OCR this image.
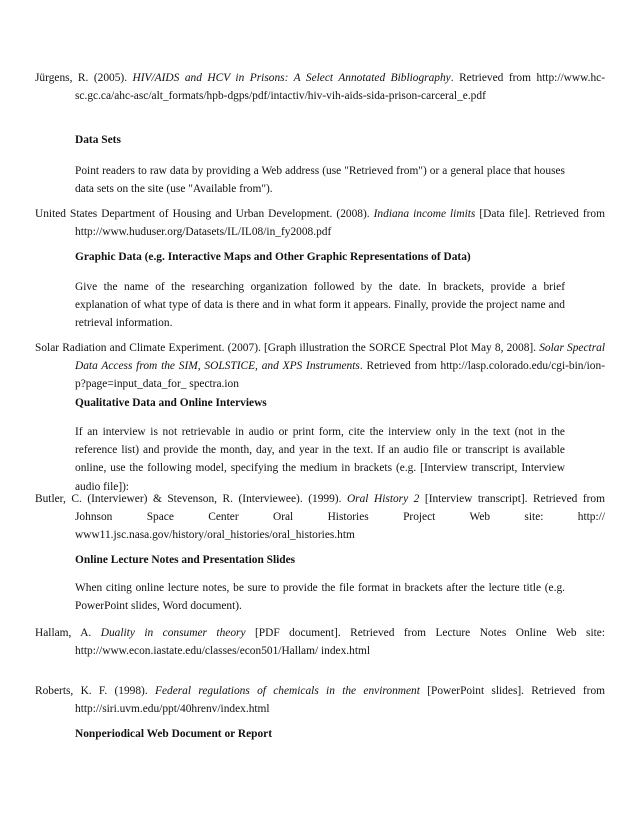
Jürgens, R. (2005). HIV/AIDS and HCV in Prisons: A Select Annotated Bibliography. Retrieved from http://www.hc-sc.gc.ca/ahc-asc/alt_formats/hpb-dgps/pdf/intactiv/hiv-vih-aids-sida-prison-carceral_e.pdf
Data Sets
Point readers to raw data by providing a Web address (use "Retrieved from") or a general place that houses data sets on the site (use "Available from").
United States Department of Housing and Urban Development. (2008). Indiana income limits [Data file]. Retrieved from http://www.huduser.org/Datasets/IL/IL08/in_fy2008.pdf
Graphic Data (e.g. Interactive Maps and Other Graphic Representations of Data)
Give the name of the researching organization followed by the date. In brackets, provide a brief explanation of what type of data is there and in what form it appears. Finally, provide the project name and retrieval information.
Solar Radiation and Climate Experiment. (2007). [Graph illustration the SORCE Spectral Plot May 8, 2008]. Solar Spectral Data Access from the SIM, SOLSTICE, and XPS Instruments. Retrieved from http://lasp.colorado.edu/cgi-bin/ion-p?page=input_data_for_ spectra.ion
Qualitative Data and Online Interviews
If an interview is not retrievable in audio or print form, cite the interview only in the text (not in the reference list) and provide the month, day, and year in the text. If an audio file or transcript is available online, use the following model, specifying the medium in brackets (e.g. [Interview transcript, Interview audio file]):
Butler, C. (Interviewer) & Stevenson, R. (Interviewee). (1999). Oral History 2 [Interview transcript]. Retrieved from Johnson Space Center Oral Histories Project Web site: http:// www11.jsc.nasa.gov/history/oral_histories/oral_histories.htm
Online Lecture Notes and Presentation Slides
When citing online lecture notes, be sure to provide the file format in brackets after the lecture title (e.g. PowerPoint slides, Word document).
Hallam, A. Duality in consumer theory [PDF document]. Retrieved from Lecture Notes Online Web site: http://www.econ.iastate.edu/classes/econ501/Hallam/ index.html
Roberts, K. F. (1998). Federal regulations of chemicals in the environment [PowerPoint slides]. Retrieved from http://siri.uvm.edu/ppt/40hrenv/index.html
Nonperiodical Web Document or Report
